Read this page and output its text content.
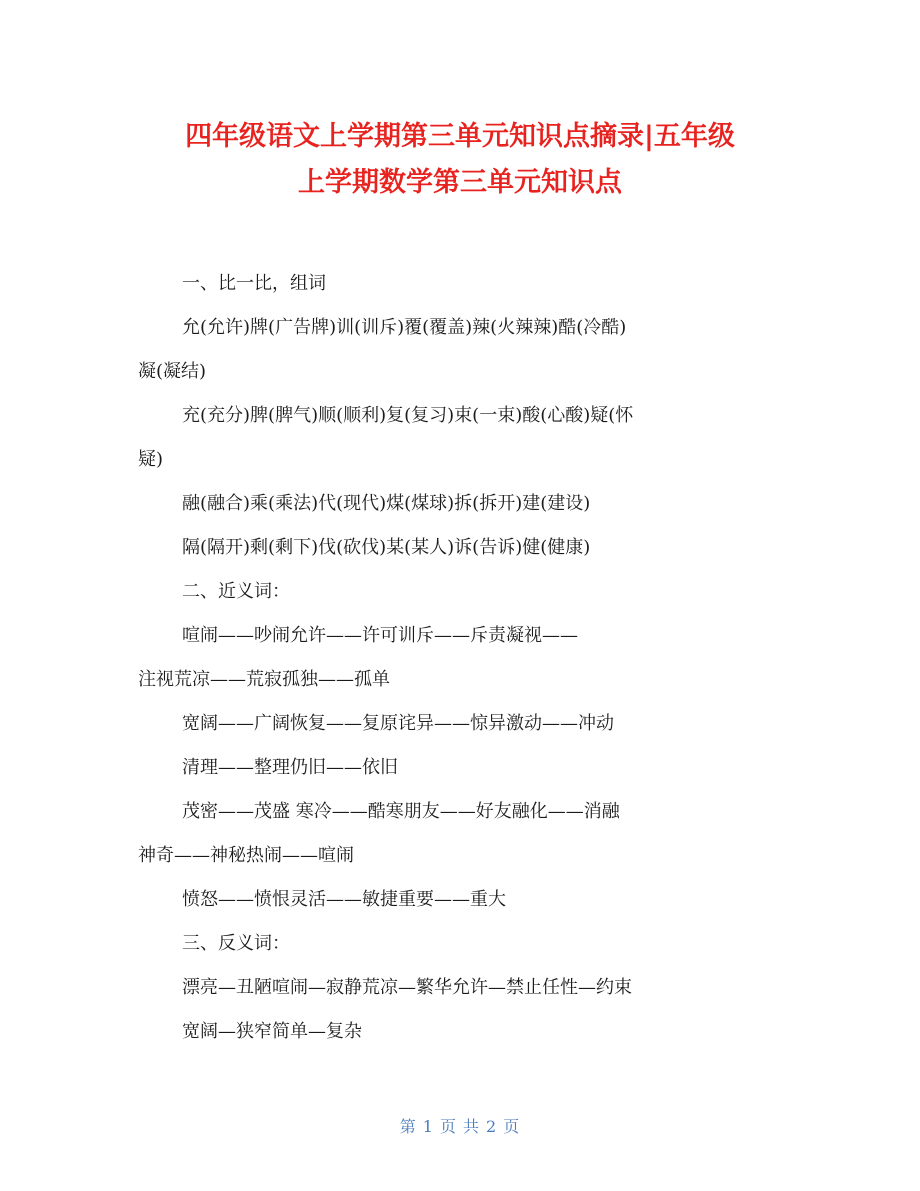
四年级语文上学期第三单元知识点摘录|五年级
上学期数学第三单元知识点
一、比一比，组词
允(允许)牌(广告牌)训(训斥)覆(覆盖)辣(火辣辣)酷(冷酷)
凝(凝结)
充(充分)脾(脾气)顺(顺利)复(复习)束(一束)酸(心酸)疑(怀
疑)
融(融合)乘(乘法)代(现代)煤(煤球)拆(拆开)建(建设)
隔(隔开)剩(剩下)伐(砍伐)某(某人)诉(告诉)健(健康)
二、近义词：
喧闹——吵闹允许——许可训斥——斥责凝视——
注视荒凉——荒寂孤独——孤单
宽阔——广阔恢复——复原诧异——惊异激动——冲动
清理——整理仍旧——依旧
茂密——茂盛 寒冷——酷寒朋友——好友融化——消融
神奇——神秘热闹——喧闹
愤怒——愤恨灵活——敏捷重要——重大
三、反义词：
漂亮—丑陋喧闹—寂静荒凉—繁华允许—禁止任性—约束
宽阔—狭窄简单—复杂
第 1 页 共 2 页
